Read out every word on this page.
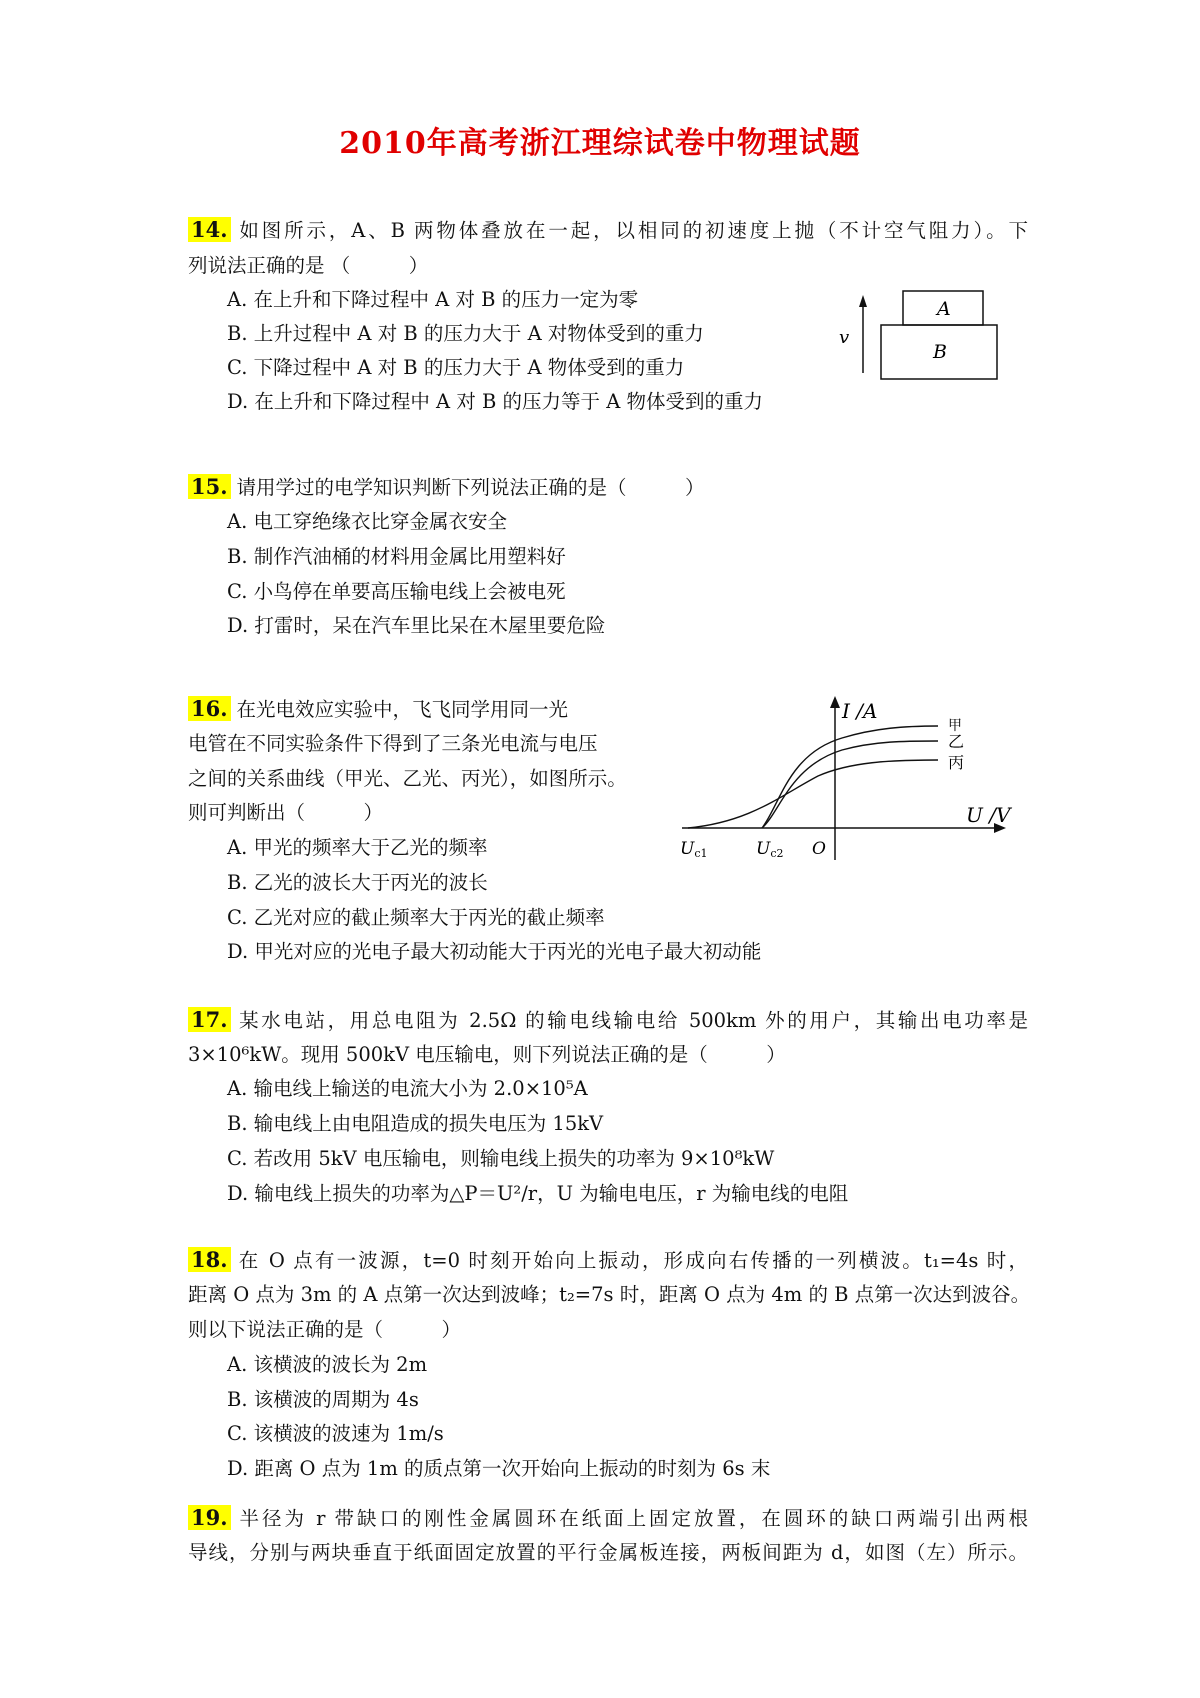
2010年高考浙江理综试卷中物理试题
14. 如图所示，A、B 两物体叠放在一起，以相同的初速度上抛（不计空气阻力）。下
列说法正确的是 （　　　）
A. 在上升和下降过程中 A 对 B 的压力一定为零
B. 上升过程中 A 对 B 的压力大于 A 对物体受到的重力
C. 下降过程中 A 对 B 的压力大于 A 物体受到的重力
D. 在上升和下降过程中 A 对 B 的压力等于 A 物体受到的重力
A
B
v
15. 请用学过的电学知识判断下列说法正确的是（　　　）
A. 电工穿绝缘衣比穿金属衣安全
B. 制作汽油桶的材料用金属比用塑料好
C. 小鸟停在单要高压输电线上会被电死
D. 打雷时，呆在汽车里比呆在木屋里要危险
16. 在光电效应实验中，飞飞同学用同一光
电管在不同实验条件下得到了三条光电流与电压
之间的关系曲线（甲光、乙光、丙光），如图所示。
则可判断出（　　　）
A. 甲光的频率大于乙光的频率
B. 乙光的波长大于丙光的波长
C. 乙光对应的截止频率大于丙光的截止频率
D. 甲光对应的光电子最大初动能大于丙光的光电子最大初动能
I /A
U /V
甲
乙
丙
Uc1	Uc2 O
17. 某水电站，用总电阻为 2.5Ω 的输电线输电给 500km 外的用户，其输出电功率是
3×10⁶kW。现用 500kV 电压输电，则下列说法正确的是（　　　）
A. 输电线上输送的电流大小为 2.0×10⁵A
B. 输电线上由电阻造成的损失电压为 15kV
C. 若改用 5kV 电压输电，则输电线上损失的功率为 9×10⁸kW
D. 输电线上损失的功率为△P＝U²/r，U 为输电电压，r 为输电线的电阻
18. 在 O 点有一波源，t=0 时刻开始向上振动，形成向右传播的一列横波。t₁=4s 时，
距离 O 点为 3m 的 A 点第一次达到波峰；t₂=7s 时，距离 O 点为 4m 的 B 点第一次达到波谷。
则以下说法正确的是（　　　）
A. 该横波的波长为 2m
B. 该横波的周期为 4s
C. 该横波的波速为 1m/s
D. 距离 O 点为 1m 的质点第一次开始向上振动的时刻为 6s 末
19. 半径为 r 带缺口的刚性金属圆环在纸面上固定放置，在圆环的缺口两端引出两根
导线，分别与两块垂直于纸面固定放置的平行金属板连接，两板间距为 d，如图（左）所示。
